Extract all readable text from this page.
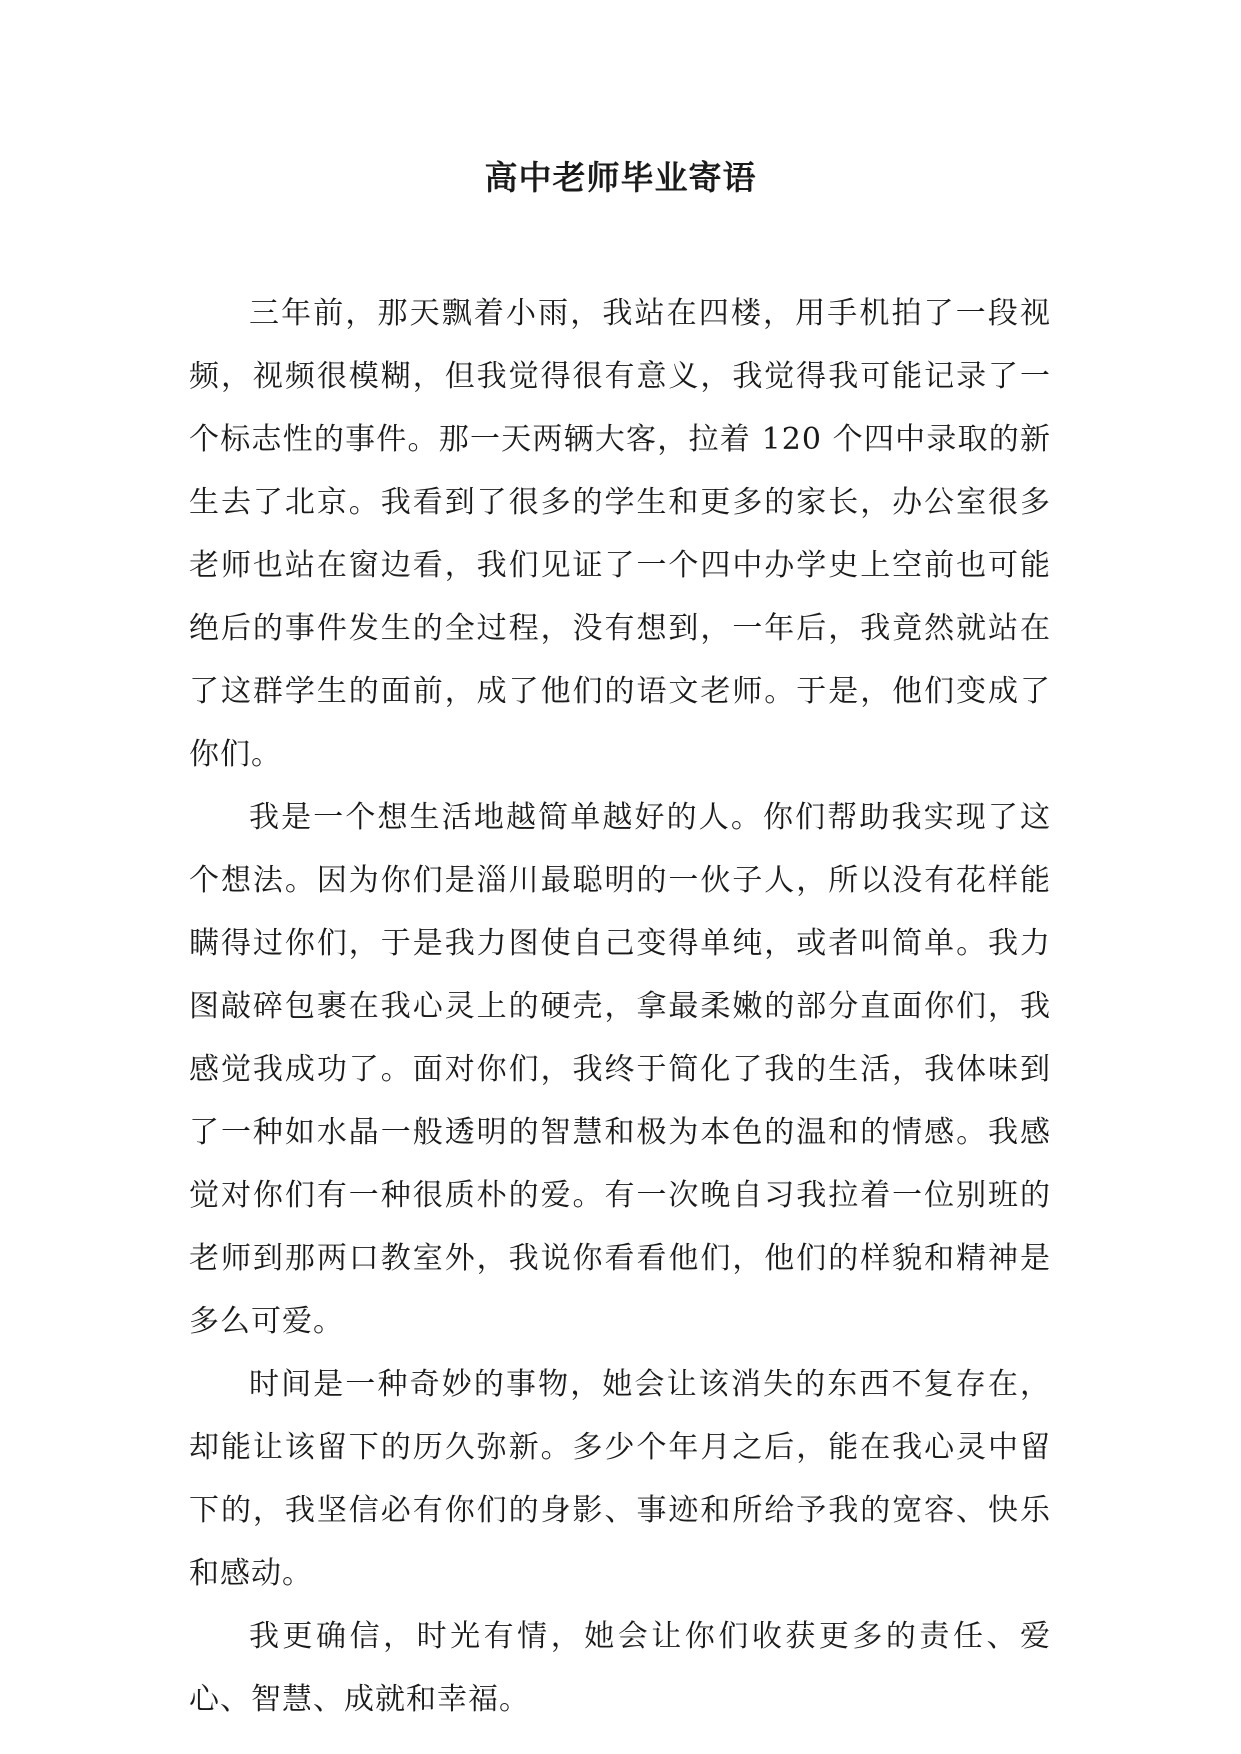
高中老师毕业寄语

三年前，那天飘着小雨，我站在四楼，用手机拍了一段视频，视频很模糊，但我觉得很有意义，我觉得我可能记录了一个标志性的事件。那一天两辆大客，拉着 120 个四中录取的新生去了北京。我看到了很多的学生和更多的家长，办公室很多老师也站在窗边看，我们见证了一个四中办学史上空前也可能绝后的事件发生的全过程，没有想到，一年后，我竟然就站在了这群学生的面前，成了他们的语文老师。于是，他们变成了你们。

我是一个想生活地越简单越好的人。你们帮助我实现了这个想法。因为你们是淄川最聪明的一伙子人，所以没有花样能瞒得过你们，于是我力图使自己变得单纯，或者叫简单。我力图敲碎包裹在我心灵上的硬壳，拿最柔嫩的部分直面你们，我感觉我成功了。面对你们，我终于简化了我的生活，我体味到了一种如水晶一般透明的智慧和极为本色的温和的情感。我感觉对你们有一种很质朴的爱。有一次晚自习我拉着一位别班的老师到那两口教室外，我说你看看他们，他们的样貌和精神是多么可爱。

时间是一种奇妙的事物，她会让该消失的东西不复存在，却能让该留下的历久弥新。多少个年月之后，能在我心灵中留下的，我坚信必有你们的身影、事迹和所给予我的宽容、快乐和感动。

我更确信，时光有情，她会让你们收获更多的责任、爱心、智慧、成就和幸福。
